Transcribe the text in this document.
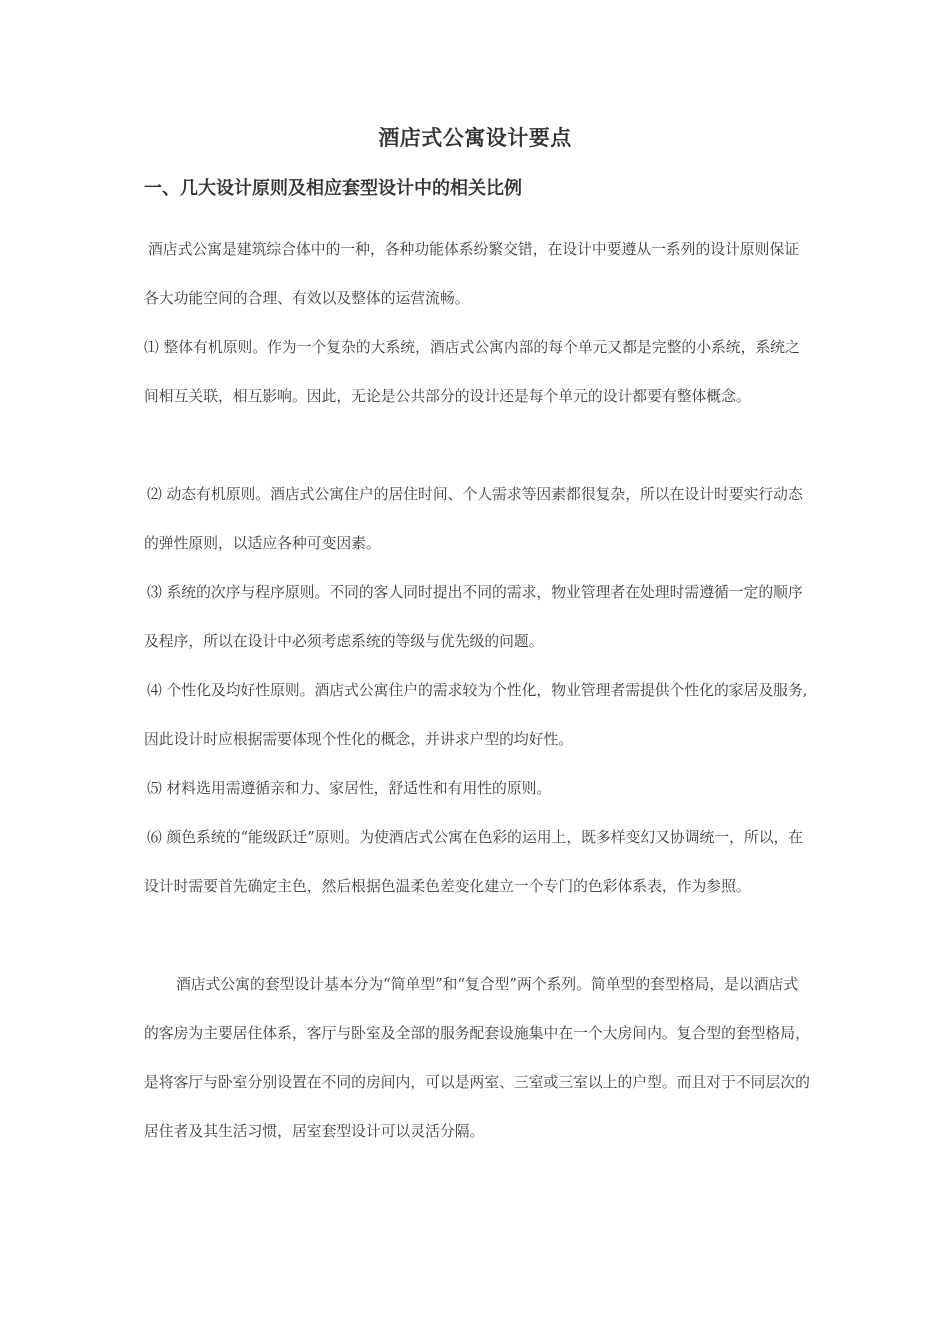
酒店式公寓设计要点
一、几大设计原则及相应套型设计中的相关比例

酒店式公寓是建筑综合体中的一种，各种功能体系纷繁交错，在设计中要遵从一系列的设计原则保证各大功能空间的合理、有效以及整体的运营流畅。

⑴ 整体有机原则。作为一个复杂的大系统，酒店式公寓内部的每个单元又都是完整的小系统，系统之间相互关联，相互影响。因此，无论是公共部分的设计还是每个单元的设计都要有整体概念。

⑵ 动态有机原则。酒店式公寓住户的居住时间、个人需求等因素都很复杂，所以在设计时要实行动态的弹性原则，以适应各种可变因素。

⑶ 系统的次序与程序原则。不同的客人同时提出不同的需求，物业管理者在处理时需遵循一定的顺序及程序，所以在设计中必须考虑系统的等级与优先级的问题。

⑷ 个性化及均好性原则。酒店式公寓住户的需求较为个性化，物业管理者需提供个性化的家居及服务,因此设计时应根据需要体现个性化的概念，并讲求户型的均好性。

⑸ 材料选用需遵循亲和力、家居性，舒适性和有用性的原则。

⑹ 颜色系统的“能级跃迁”原则。为使酒店式公寓在色彩的运用上，既多样变幻又协调统一，所以，在设计时需要首先确定主色，然后根据色温柔色差变化建立一个专门的色彩体系表，作为参照。

酒店式公寓的套型设计基本分为“简单型”和“复合型”两个系列。简单型的套型格局，是以酒店式的客房为主要居住体系，客厅与卧室及全部的服务配套设施集中在一个大房间内。复合型的套型格局，是将客厅与卧室分别设置在不同的房间内，可以是两室、三室或三室以上的户型。而且对于不同层次的居住者及其生活习惯，居室套型设计可以灵活分隔。
